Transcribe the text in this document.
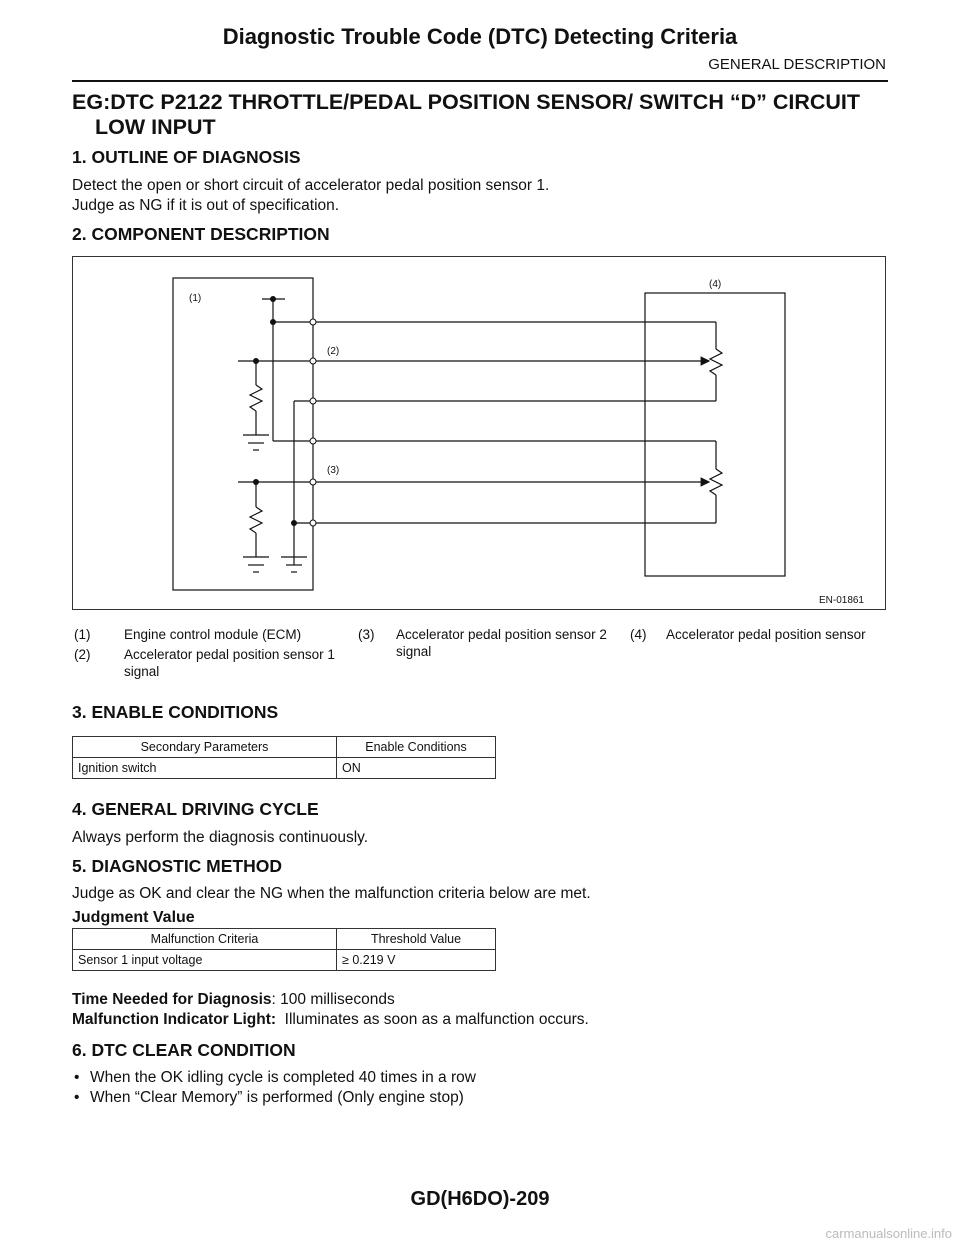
Diagnostic Trouble Code (DTC) Detecting Criteria
GENERAL DESCRIPTION
EG:DTC P2122 THROTTLE/PEDAL POSITION SENSOR/ SWITCH “D” CIRCUIT
LOW INPUT
1. OUTLINE OF DIAGNOSIS

Detect the open or short circuit of accelerator pedal position sensor 1.

Judge as NG if it is out of specification.

2. COMPONENT DESCRIPTION
(1)
(2)
(3)
(4)
EN-01861
(1) Engine control module (ECM)
(2) Accelerator pedal position sensor 1 signal
(3) Accelerator pedal position sensor 2 signal
(4) Accelerator pedal position sensor
3. ENABLE CONDITIONS
Secondary Parameters	Enable Conditions
Ignition switch	ON
4. GENERAL DRIVING CYCLE

Always perform the diagnosis continuously.

5. DIAGNOSTIC METHOD

Judge as OK and clear the NG when the malfunction criteria below are met.

Judgment Value

Malfunction Criteria	Threshold Value
Sensor 1 input voltage	≥ 0.219 V

Time Needed for Diagnosis: 100 milliseconds

Malfunction Indicator Light:  Illuminates as soon as a malfunction occurs.

6. DTC CLEAR CONDITION
• When the OK idling cycle is completed 40 times in a row
• When “Clear Memory” is performed (Only engine stop)
GD(H6DO)-209
carmanualsonline.info
